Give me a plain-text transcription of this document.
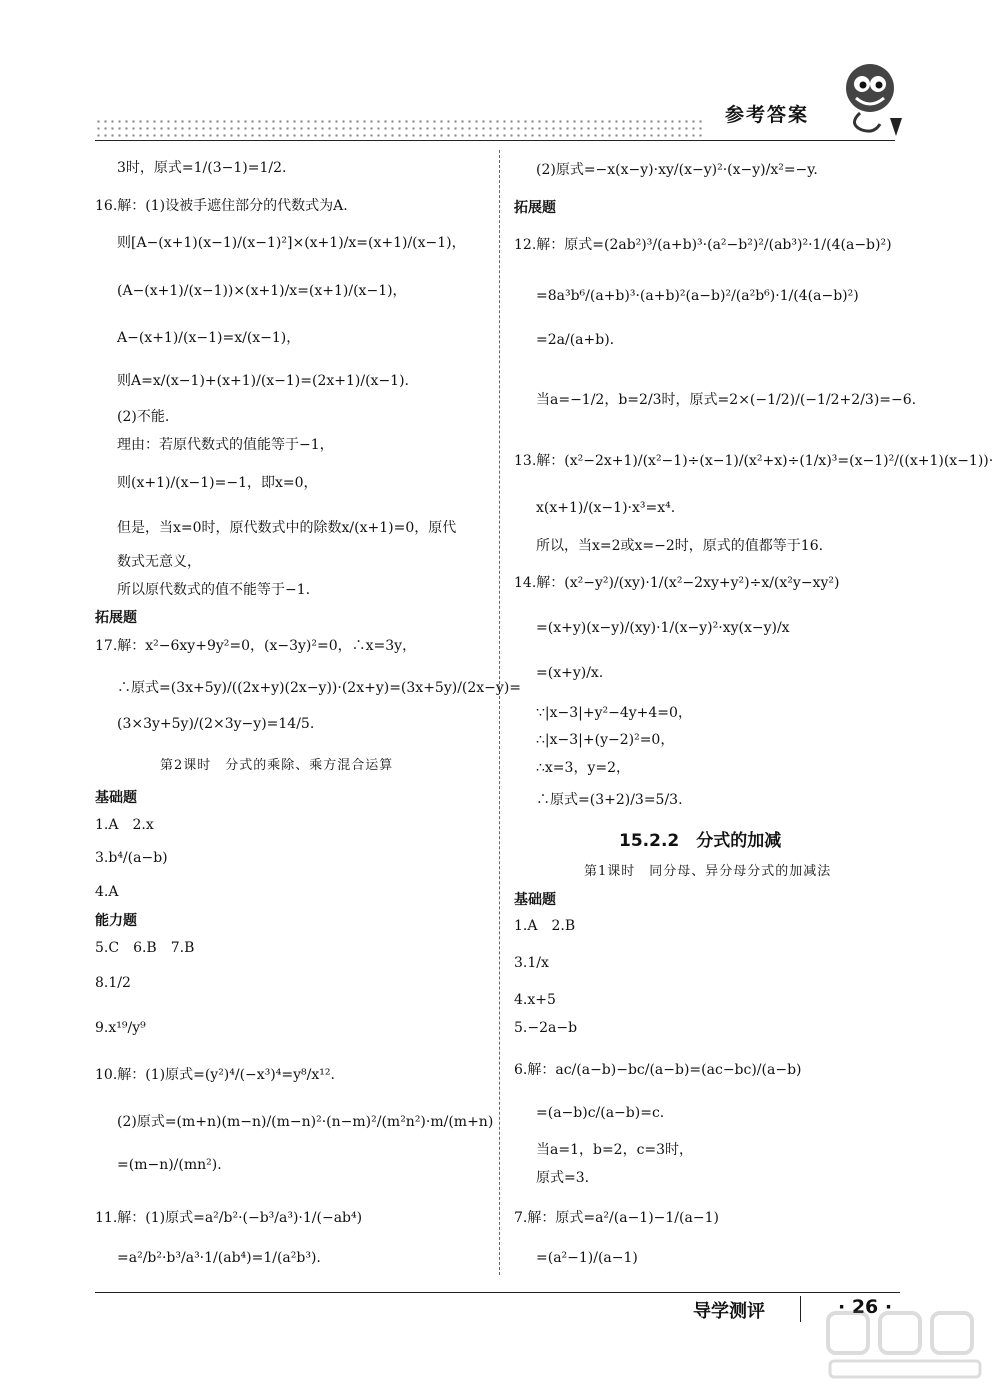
参考答案
3时，原式=1/(3−1)=1/2.
16.解：(1)设被手遮住部分的代数式为A.
则[A−(x+1)(x−1)/(x−1)²]×(x+1)/x=(x+1)/(x−1)，
(A−(x+1)/(x−1))×(x+1)/x=(x+1)/(x−1)，
A−(x+1)/(x−1)=x/(x−1)，
则A=x/(x−1)+(x+1)/(x−1)=(2x+1)/(x−1).
(2)不能.
理由：若原代数式的值能等于−1，
则(x+1)/(x−1)=−1，即x=0，
但是，当x=0时，原代数式中的除数x/(x+1)=0，原代
数式无意义，
所以原代数式的值不能等于−1.
拓展题
17.解：x²−6xy+9y²=0，(x−3y)²=0，∴x=3y，
∴原式=(3x+5y)/((2x+y)(2x−y))·(2x+y)=(3x+5y)/(2x−y)=
(3×3y+5y)/(2×3y−y)=14/5.
第2课时　分式的乘除、乘方混合运算
基础题
1.A　2.x
3.b⁴/(a−b)
4.A
能力题
5.C　6.B　7.B
8.1/2
9.x¹⁹/y⁹
10.解：(1)原式=(y²)⁴/(−x³)⁴=y⁸/x¹².
(2)原式=(m+n)(m−n)/(m−n)²·(n−m)²/(m²n²)·m/(m+n)
=(m−n)/(mn²).
11.解：(1)原式=a²/b²·(−b³/a³)·1/(−ab⁴)
=a²/b²·b³/a³·1/(ab⁴)=1/(a²b³).
(2)原式=−x(x−y)·xy/(x−y)²·(x−y)/x²=−y.
拓展题
12.解：原式=(2ab²)³/(a+b)³·(a²−b²)²/(ab³)²·1/(4(a−b)²)
=8a³b⁶/(a+b)³·(a+b)²(a−b)²/(a²b⁶)·1/(4(a−b)²)
=2a/(a+b).
当a=−1/2，b=2/3时，原式=2×(−1/2)/(−1/2+2/3)=−6.
13.解：(x²−2x+1)/(x²−1)÷(x−1)/(x²+x)÷(1/x)³=(x−1)²/((x+1)(x−1))·
x(x+1)/(x−1)·x³=x⁴.
所以，当x=2或x=−2时，原式的值都等于16.
14.解：(x²−y²)/(xy)·1/(x²−2xy+y²)÷x/(x²y−xy²)
=(x+y)(x−y)/(xy)·1/(x−y)²·xy(x−y)/x
=(x+y)/x.
∵|x−3|+y²−4y+4=0，
∴|x−3|+(y−2)²=0，
∴x=3，y=2，
∴原式=(3+2)/3=5/3.
15.2.2　分式的加减
第1课时　同分母、异分母分式的加减法
基础题
1.A　2.B
3.1/x
4.x+5
5.−2a−b
6.解：ac/(a−b)−bc/(a−b)=(ac−bc)/(a−b)
=(a−b)c/(a−b)=c.
当a=1，b=2，c=3时，
原式=3.
7.解：原式=a²/(a−1)−1/(a−1)
=(a²−1)/(a−1)
导学测评	· 26 ·
